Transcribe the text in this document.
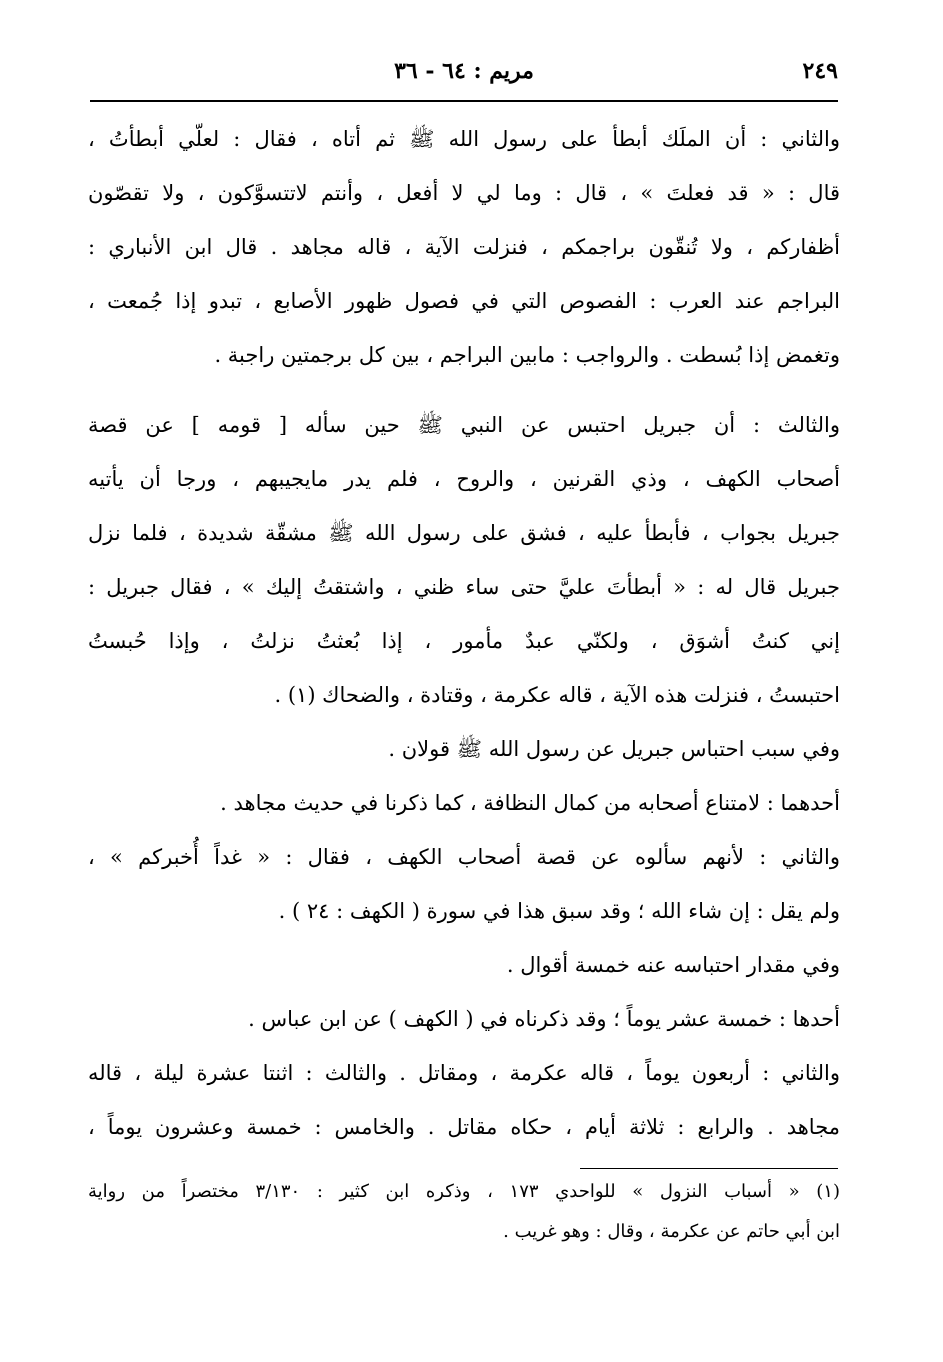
٢٤٩
مريم : ٦٤ - ٣٦
والثاني : أن الملَك أبطأ على رسول الله ﷺ ثم أتاه ، فقال : لعلّي أبطأتُ ،
قال : « قد فعلتَ » ، قال : وما لي لا أفعل ، وأنتم لاتتسوَّكون ، ولا تقصّون
أظفاركم ، ولا تُنقّون براجمكم ، فنزلت الآية ، قاله مجاهد . قال ابن الأنباري :
البراجم عند العرب : الفصوص التي في فصول ظهور الأصابع ، تبدو إذا جُمعت ،
وتغمض إذا بُسطت . والرواجب : مابين البراجم ، بين كل برجمتين راجبة .
والثالث : أن جبريل احتبس عن النبي ﷺ حين سأله [ قومه ] عن قصة
أصحاب الكهف ، وذي القرنين ، والروح ، فلم يدر مايجيبهم ، ورجا أن يأتيه
جبريل بجواب ، فأبطأ عليه ، فشق على رسول الله ﷺ مشقّة شديدة ، فلما نزل
جبريل قال له : « أبطأتَ عليَّ حتى ساء ظني ، واشتقتُ إليك » ، فقال جبريل :
إني كنتُ أشوَق ، ولكنّي عبدٌ مأمور ، إذا بُعثتُ نزلتُ ، وإذا حُبستُ
احتبستُ ، فنزلت هذه الآية ، قاله عكرمة ، وقتادة ، والضحاك (١) .
وفي سبب احتباس جبريل عن رسول الله ﷺ قولان .
أحدهما : لامتناع أصحابه من كمال النظافة ، كما ذكرنا في حديث مجاهد .
والثاني : لأنهم سألوه عن قصة أصحاب الكهف ، فقال : « غداً أُخبركم » ،
ولم يقل : إن شاء الله ؛ وقد سبق هذا في سورة ( الكهف : ٢٤ ) .
وفي مقدار احتباسه عنه خمسة أقوال .
أحدها : خمسة عشر يوماً ؛ وقد ذكرناه في ( الكهف ) عن ابن عباس .
والثاني : أربعون يوماً ، قاله عكرمة ، ومقاتل . والثالث : اثنتا عشرة ليلة ، قاله
مجاهد . والرابع : ثلاثة أيام ، حكاه مقاتل . والخامس : خمسة وعشرون يوماً ،
(١) « أسباب النزول » للواحدي ١٧٣ ، وذكره ابن كثير : ٣/١٣٠ مختصراً من رواية
ابن أبي حاتم عن عكرمة ، وقال : وهو غريب .
